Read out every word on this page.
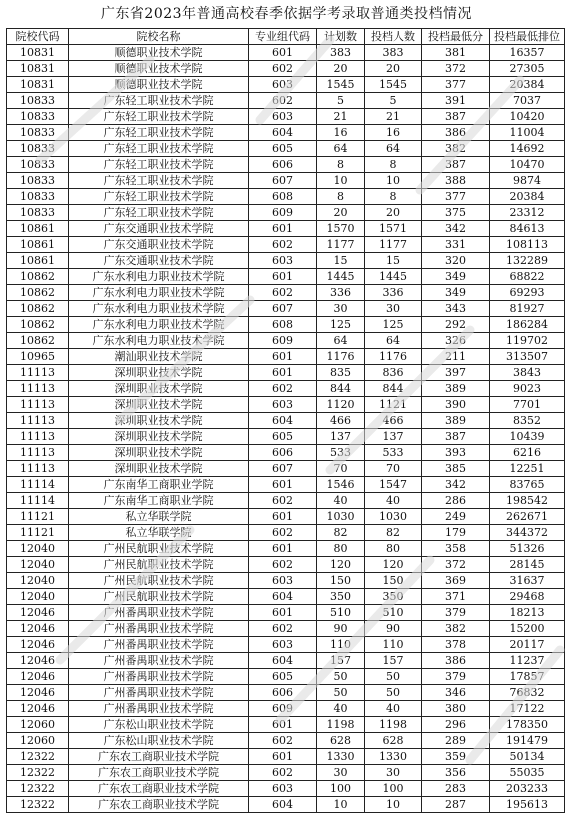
广东省2023年普通高校春季依据学考录取普通类投档情况
院校代码	院校名称	专业组代码	计划数	投档人数	投档最低分	投档最低排位
10831	顺德职业技术学院	601	383	383	381	16357
10831	顺德职业技术学院	602	20	20	372	27305
10831	顺德职业技术学院	603	1545	1545	377	20384
10833	广东轻工职业技术学院	602	5	5	391	7037
10833	广东轻工职业技术学院	603	21	21	387	10420
10833	广东轻工职业技术学院	604	16	16	386	11004
10833	广东轻工职业技术学院	605	64	64	382	14692
10833	广东轻工职业技术学院	606	8	8	387	10470
10833	广东轻工职业技术学院	607	10	10	388	9874
10833	广东轻工职业技术学院	608	8	8	377	20384
10833	广东轻工职业技术学院	609	20	20	375	23312
10861	广东交通职业技术学院	601	1570	1571	342	84613
10861	广东交通职业技术学院	602	1177	1177	331	108113
10861	广东交通职业技术学院	603	15	15	320	132289
10862	广东水利电力职业技术学院	601	1445	1445	349	68822
10862	广东水利电力职业技术学院	602	336	336	349	69293
10862	广东水利电力职业技术学院	607	30	30	343	81927
10862	广东水利电力职业技术学院	608	125	125	292	186284
10862	广东水利电力职业技术学院	609	64	64	326	119702
10965	潮汕职业技术学院	601	1176	1176	211	313507
11113	深圳职业技术学院	601	835	836	397	3843
11113	深圳职业技术学院	602	844	844	389	9023
11113	深圳职业技术学院	603	1120	1121	390	7701
11113	深圳职业技术学院	604	466	466	389	8352
11113	深圳职业技术学院	605	137	137	387	10439
11113	深圳职业技术学院	606	533	533	393	6216
11113	深圳职业技术学院	607	70	70	385	12251
11114	广东南华工商职业学院	601	1546	1547	342	83765
11114	广东南华工商职业学院	602	40	40	286	198542
11121	私立华联学院	601	1030	1030	249	262671
11121	私立华联学院	602	82	82	179	344372
12040	广州民航职业技术学院	601	80	80	358	51326
12040	广州民航职业技术学院	602	120	120	372	28145
12040	广州民航职业技术学院	603	150	150	369	31637
12040	广州民航职业技术学院	604	350	350	371	29468
12046	广州番禺职业技术学院	601	510	510	379	18213
12046	广州番禺职业技术学院	602	90	90	382	15200
12046	广州番禺职业技术学院	603	110	110	378	20117
12046	广州番禺职业技术学院	604	157	157	386	11237
12046	广州番禺职业技术学院	605	50	50	379	17857
12046	广州番禺职业技术学院	606	50	50	346	76832
12046	广州番禺职业技术学院	609	40	40	380	17122
12060	广东松山职业技术学院	601	1198	1198	296	178350
12060	广东松山职业技术学院	602	628	628	289	191479
12322	广东农工商职业技术学院	601	1330	1330	359	50134
12322	广东农工商职业技术学院	602	30	30	356	55035
12322	广东农工商职业技术学院	603	100	100	283	203233
12322	广东农工商职业技术学院	604	10	10	287	195613
